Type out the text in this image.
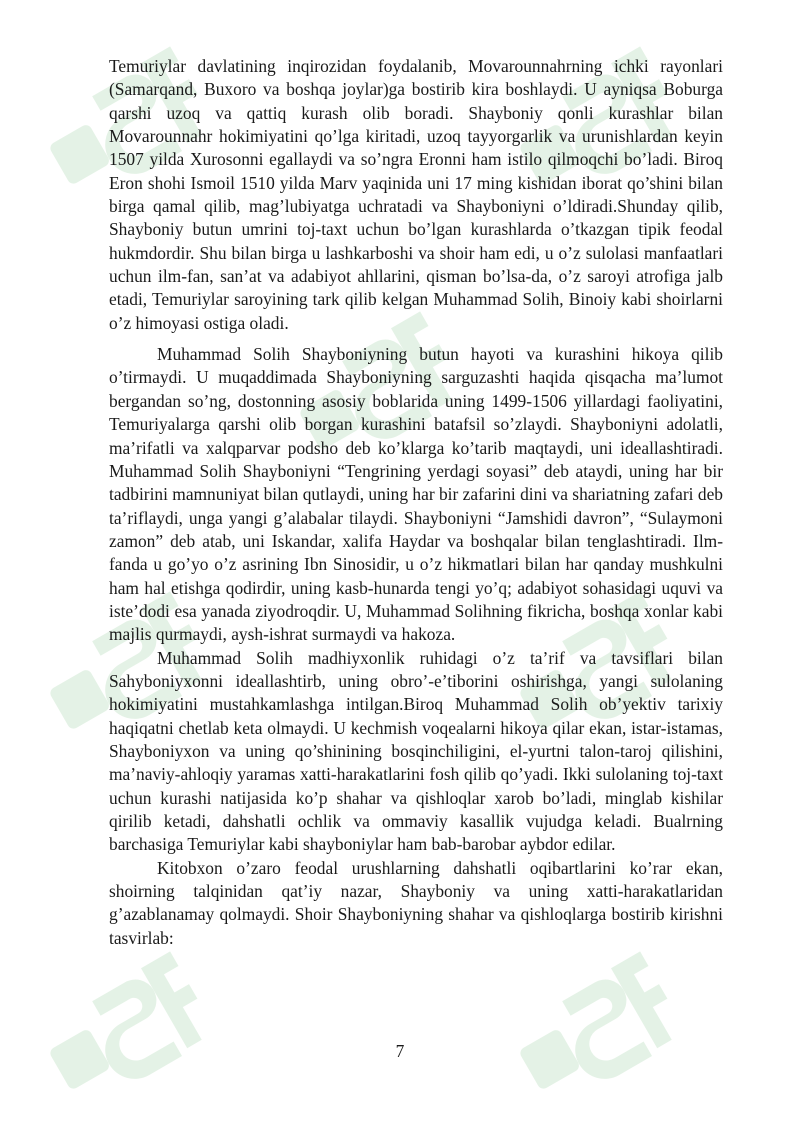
Temuriylar davlatining inqirozidan foydalanib, Movarounnahrning ichki rayonlari (Samarqand, Buxoro va boshqa joylar)ga bostirib kira boshlaydi. U ayniqsa Boburga qarshi uzoq va qattiq kurash olib boradi. Shayboniy qonli kurashlar bilan Movarounnahr hokimiyatini qo’lga kiritadi, uzoq tayyorgarlik va urunishlardan keyin 1507 yilda Xurosonni egallaydi va so’ngra Eronni ham istilo qilmoqchi bo’ladi. Biroq Eron shohi Ismoil 1510 yilda Marv yaqinida uni 17 ming kishidan iborat qo’shini bilan birga qamal qilib, mag’lubiyatga uchratadi va Shayboniyni o’ldiradi.Shunday qilib, Shayboniy butun umrini toj-taxt uchun bo’lgan kurashlarda o’tkazgan tipik feodal hukmdordir. Shu bilan birga u lashkarboshi va shoir ham edi, u o’z sulolasi manfaatlari uchun ilm-fan, san’at va adabiyot ahllarini, qisman bo’lsa-da, o’z saroyi atrofiga jalb etadi, Temuriylar saroyining tark qilib kelgan Muhammad Solih, Binoiy kabi shoirlarni o’z himoyasi ostiga oladi.

Muhammad Solih Shayboniyning butun hayoti va kurashini hikoya qilib o’tirmaydi. U muqaddimada Shayboniyning sarguzashti haqida qisqacha ma’lumot bergandan so’ng, dostonning asosiy boblarida uning 1499-1506 yillardagi faoliyatini, Temuriyalarga qarshi olib borgan kurashini batafsil so’zlaydi. Shayboniyni adolatli, ma’rifatli va xalqparvar podsho deb ko’klarga ko’tarib maqtaydi, uni ideallashtiradi. Muhammad Solih Shayboniyni “Tengrining yerdagi soyasi” deb ataydi, uning har bir tadbirini mamnuniyat bilan qutlaydi, uning har bir zafarini dini va shariatning zafari deb ta’riflaydi, unga yangi g’alabalar tilaydi. Shayboniyni “Jamshidi davron”, “Sulaymoni zamon” deb atab, uni Iskandar, xalifa Haydar va boshqalar bilan tenglashtiradi. Ilm-fanda u go’yo o’z asrining Ibn Sinosidir, u o’z hikmatlari bilan har qanday mushkulni ham hal etishga qodirdir, uning kasb-hunarda tengi yo’q; adabiyot sohasidagi uquvi va iste’dodi esa yanada ziyodroqdir. U, Muhammad Solihning fikricha, boshqa xonlar kabi majlis qurmaydi, aysh-ishrat surmaydi va hakoza.

Muhammad Solih madhiyxonlik ruhidagi o’z ta’rif va tavsiflari bilan Sahyboniyxonni ideallashtirb, uning obro’-e’tiborini oshirishga, yangi sulolaning hokimiyatini mustahkamlashga intilgan.Biroq Muhammad Solih ob’yektiv tarixiy haqiqatni chetlab keta olmaydi. U kechmish voqealarni hikoya qilar ekan, istar-istamas, Shayboniyxon va uning qo’shinining bosqinchiligini, el-yurtni talon-taroj qilishini, ma’naviy-ahloqiy yaramas xatti-harakatlarini fosh qilib qo’yadi. Ikki sulolaning toj-taxt uchun kurashi natijasida ko’p shahar va qishloqlar xarob bo’ladi, minglab kishilar qirilib ketadi, dahshatli ochlik va ommaviy kasallik vujudga keladi. Bualrning barchasiga Temuriylar kabi shayboniylar ham bab-barobar aybdor edilar.

Kitobxon o’zaro feodal urushlarning dahshatli oqibartlarini ko’rar ekan, shoirning talqinidan qat’iy nazar, Shayboniy va uning xatti-harakatlaridan g’azablanamay qolmaydi. Shoir Shayboniyning shahar va qishloqlarga bostirib kirishni tasvirlab:

7
